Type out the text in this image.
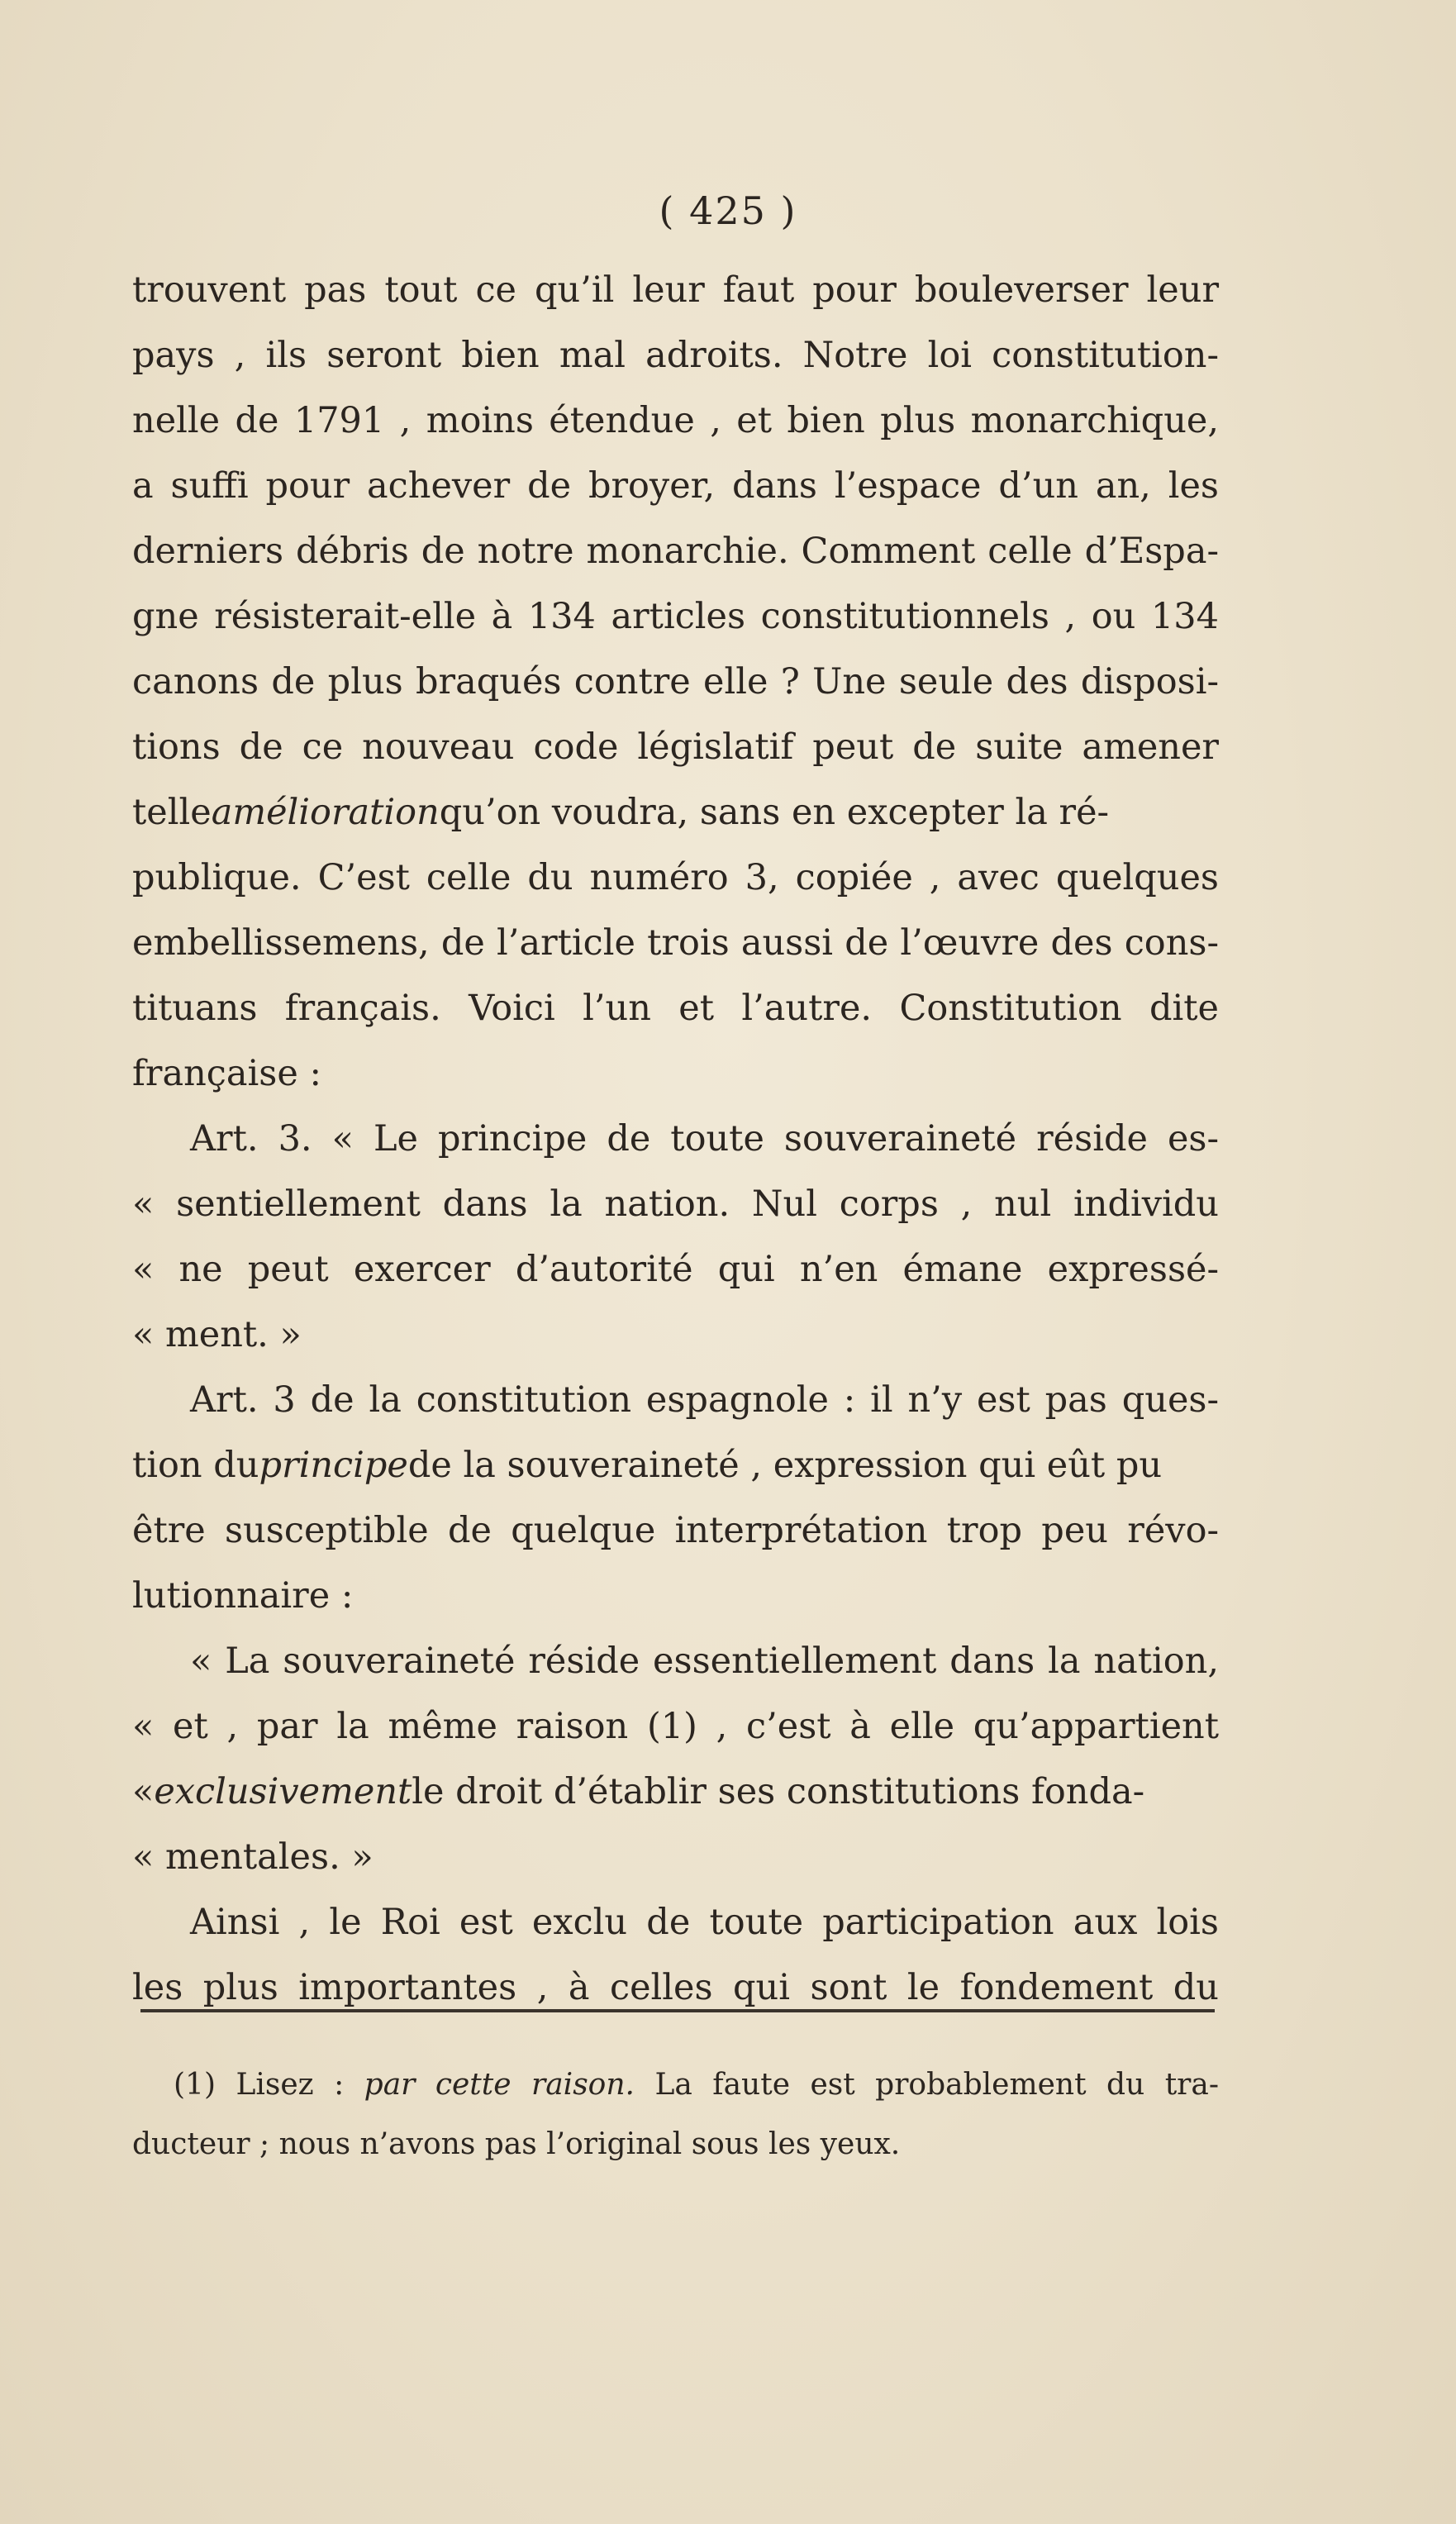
( 425 )
trouvent pas tout ce qu’il leur faut pour bouleverser leur
pays , ils seront bien mal adroits. Notre loi constitution-
nelle de 1791 , moins étendue , et bien plus monarchique,
a suffi pour achever de broyer, dans l’espace d’un an, les
derniers débris de notre monarchie. Comment celle d’Espa-
gne résisterait-elle à 134 articles constitutionnels , ou 134
canons de plus braqués contre elle ? Une seule des disposi-
tions de ce nouveau code législatif peut de suite amener
telleaméliorationqu’on voudra, sans en excepter la ré-
publique. C’est celle du numéro 3, copiée , avec quelques
embellissemens, de l’article trois aussi de l’œuvre des cons-
tituans français. Voici l’un et l’autre. Constitution dite
française :
Art. 3. « Le principe de toute souveraineté réside es-
« sentiellement dans la nation. Nul corps , nul individu
« ne peut exercer d’autorité qui n’en émane expressé-
« ment. »
Art. 3 de la constitution espagnole : il n’y est pas ques-
tion duprincipede la souveraineté , expression qui eût pu
être susceptible de quelque interprétation trop peu révo-
lutionnaire :
« La souveraineté réside essentiellement dans la nation,
« et , par la même raison (1) , c’est à elle qu’appartient
«exclusivementle droit d’établir ses constitutions fonda-
« mentales. »
Ainsi , le Roi est exclu de toute participation aux lois
les plus importantes , à celles qui sont le fondement du
(1) Lisez : par cette raison. La faute est probablement du tra-
ducteur ; nous n’avons pas l’original sous les yeux.
